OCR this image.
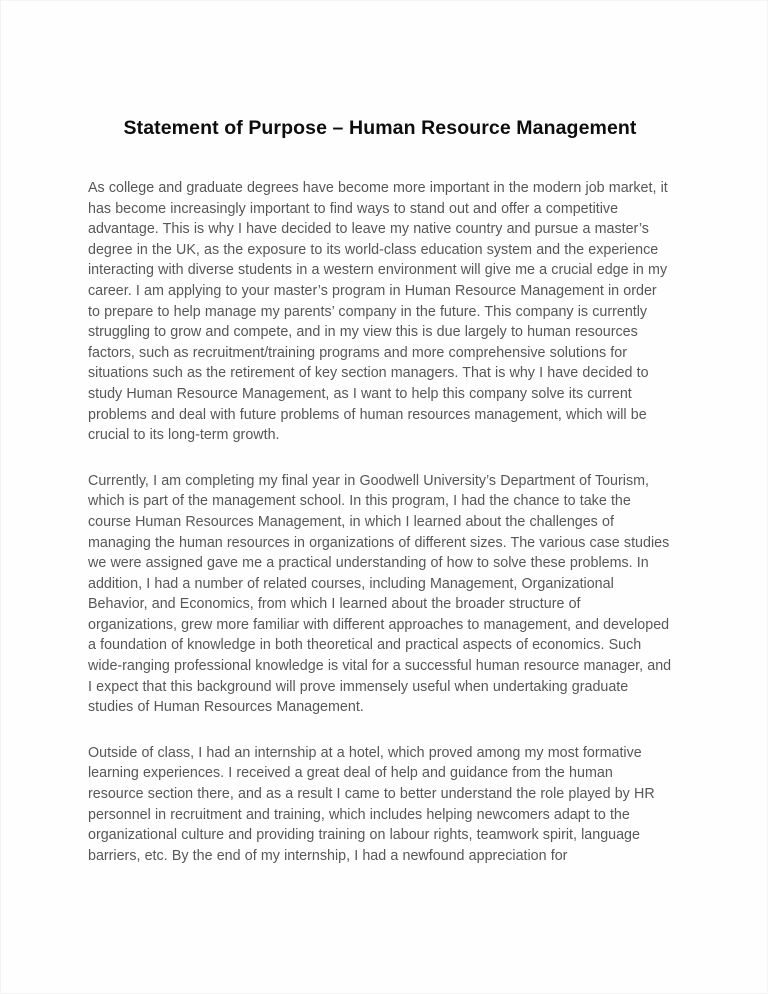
Statement of Purpose – Human Resource Management

As college and graduate degrees have become more important in the modern job market, it has become increasingly important to find ways to stand out and offer a competitive advantage. This is why I have decided to leave my native country and pursue a master’s degree in the UK, as the exposure to its world-class education system and the experience interacting with diverse students in a western environment will give me a crucial edge in my career. I am applying to your master’s program in Human Resource Management in order to prepare to help manage my parents’ company in the future. This company is currently struggling to grow and compete, and in my view this is due largely to human resources factors, such as recruitment/training programs and more comprehensive solutions for situations such as the retirement of key section managers. That is why I have decided to study Human Resource Management, as I want to help this company solve its current problems and deal with future problems of human resources management, which will be crucial to its long-term growth.

Currently, I am completing my final year in Goodwell University’s Department of Tourism, which is part of the management school. In this program, I had the chance to take the course Human Resources Management, in which I learned about the challenges of managing the human resources in organizations of different sizes. The various case studies we were assigned gave me a practical understanding of how to solve these problems. In addition, I had a number of related courses, including Management, Organizational Behavior, and Economics, from which I learned about the broader structure of organizations, grew more familiar with different approaches to management, and developed a foundation of knowledge in both theoretical and practical aspects of economics. Such wide-ranging professional knowledge is vital for a successful human resource manager, and I expect that this background will prove immensely useful when undertaking graduate studies of Human Resources Management.

Outside of class, I had an internship at a hotel, which proved among my most formative learning experiences. I received a great deal of help and guidance from the human resource section there, and as a result I came to better understand the role played by HR personnel in recruitment and training, which includes helping newcomers adapt to the organizational culture and providing training on labour rights, teamwork spirit, language barriers, etc. By the end of my internship, I had a newfound appreciation for
